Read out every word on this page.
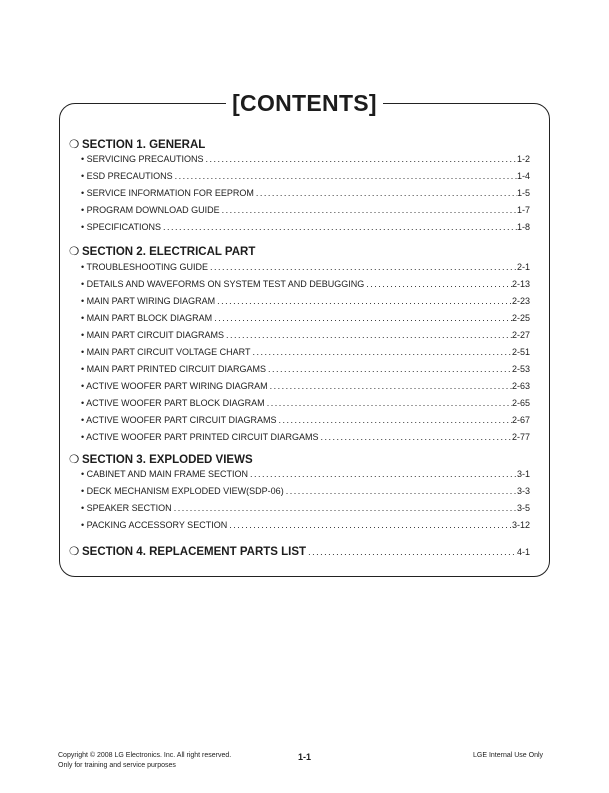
[CONTENTS]
❍ SECTION 1. GENERAL
• SERVICING PRECAUTIONS .....	1-2
• ESD PRECAUTIONS .....	1-4
• SERVICE INFORMATION FOR EEPROM .....	1-5
• PROGRAM DOWNLOAD GUIDE .....	1-7
• SPECIFICATIONS .....	1-8
❍ SECTION 2. ELECTRICAL PART
• TROUBLESHOOTING GUIDE .....	2-1
• DETAILS AND WAVEFORMS ON SYSTEM TEST AND DEBUGGING .....	2-13
• MAIN PART WIRING DIAGRAM .....	2-23
• MAIN PART BLOCK DIAGRAM .....	2-25
• MAIN PART CIRCUIT DIAGRAMS .....	2-27
• MAIN PART CIRCUIT VOLTAGE CHART .....	2-51
• MAIN PART PRINTED CIRCUIT DIARGAMS .....	2-53
• ACTIVE WOOFER PART WIRING DIAGRAM .....	2-63
• ACTIVE WOOFER PART BLOCK DIAGRAM .....	2-65
• ACTIVE WOOFER PART CIRCUIT DIAGRAMS .....	2-67
• ACTIVE WOOFER PART PRINTED CIRCUIT DIARGAMS .....	2-77
❍ SECTION 3. EXPLODED VIEWS
• CABINET AND MAIN FRAME SECTION .....	3-1
• DECK MECHANISM EXPLODED VIEW(SDP-06) .....	3-3
• SPEAKER SECTION .....	3-5
• PACKING ACCESSORY SECTION .....	3-12
❍ SECTION 4. REPLACEMENT PARTS LIST .....	4-1
Copyright © 2008 LG Electronics. Inc. All right reserved.
Only for training and service purposes
1-1	LGE Internal Use Only
